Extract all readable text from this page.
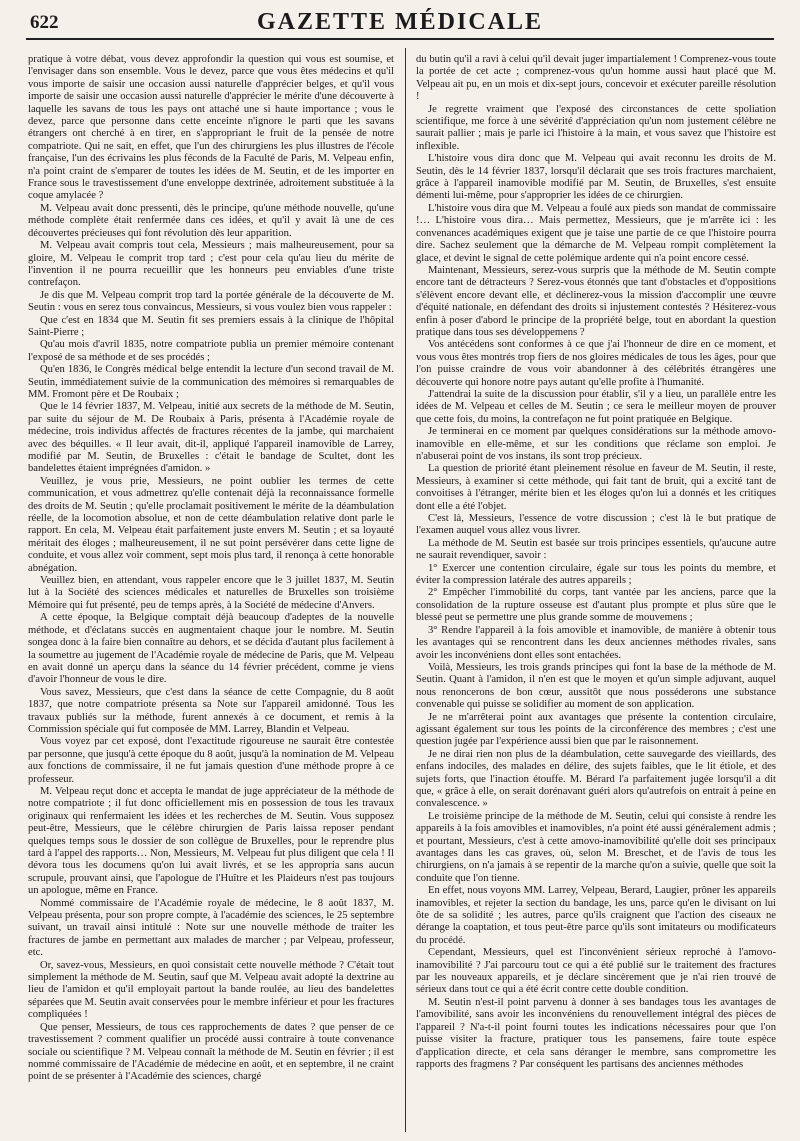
622	GAZETTE MÉDICALE

pratique à votre débat, vous devez approfondir la question qui vous est soumise, et l'envisager dans son ensemble. Vous le devez, parce que vous êtes médecins et qu'il vous importe de saisir une occasion aussi naturelle d'apprécier belges, et qu'il vous importe de saisir une occasion aussi naturelle d'apprécier le mérite d'une découverte à laquelle les savans de tous les pays ont attaché une si haute importance ; vous le devez, parce que personne dans cette enceinte n'ignore le parti que les savans étrangers ont cherché à en tirer, en s'appropriant le fruit de la pensée de notre compatriote. Qui ne sait, en effet, que l'un des chirurgiens les plus illustres de l'école française, l'un des écrivains les plus féconds de la Faculté de Paris, M. Velpeau enfin, n'a point craint de s'emparer de toutes les idées de M. Seutin, et de les importer en France sous le travestissement d'une enveloppe dextrinée, adroitement substituée à la coque amylacée ?

M. Velpeau avait donc pressenti, dès le principe, qu'une méthode nouvelle, qu'une méthode complète était renfermée dans ces idées, et qu'il y avait là une de ces découvertes précieuses qui font révolution dès leur apparition.

M. Velpeau avait compris tout cela, Messieurs ; mais malheureusement, pour sa gloire, M. Velpeau le comprit trop tard ; c'est pour cela qu'au lieu du mérite de l'invention il ne pourra recueillir que les honneurs peu enviables d'une triste contrefaçon.

Je dis que M. Velpeau comprit trop tard la portée générale de la découverte de M. Seutin : vous en serez tous convaincus, Messieurs, si vous voulez bien vous rappeler :

Que c'est en 1834 que M. Seutin fit ses premiers essais à la clinique de l'hôpital Saint-Pierre ;

Qu'au mois d'avril 1835, notre compatriote publia un premier mémoire contenant l'exposé de sa méthode et de ses procédés ;

Qu'en 1836, le Congrès médical belge entendit la lecture d'un second travail de M. Seutin, immédiatement suivie de la communication des mémoires si remarquables de MM. Fromont père et De Roubaix ;

Que le 14 février 1837, M. Velpeau, initié aux secrets de la méthode de M. Seutin, par suite du séjour de M. De Roubaix à Paris, présenta à l'Académie royale de médecine, trois individus affectés de fractures récentes de la jambe, qui marchaient avec des béquilles. « Il leur avait, dit-il, appliqué l'appareil inamovible de Larrey, modifié par M. Seutin, de Bruxelles : c'était le bandage de Scultet, dont les bandelettes étaient imprégnées d'amidon. »

Veuillez, je vous prie, Messieurs, ne point oublier les termes de cette communication, et vous admettrez qu'elle contenait déjà la reconnaissance formelle des droits de M. Seutin ; qu'elle proclamait positivement le mérite de la déambulation réelle, de la locomotion absolue, et non de cette déambulation relative dont parle le rapport. En cela, M. Velpeau était parfaitement juste envers M. Seutin ; et sa loyauté méritait des éloges ; malheureusement, il ne sut point persévérer dans cette ligne de conduite, et vous allez voir comment, sept mois plus tard, il renonça à cette honorable abnégation.

Veuillez bien, en attendant, vous rappeler encore que le 3 juillet 1837, M. Seutin lut à la Société des sciences médicales et naturelles de Bruxelles son troisième Mémoire qui fut présenté, peu de temps après, à la Société de médecine d'Anvers.

A cette époque, la Belgique comptait déjà beaucoup d'adeptes de la nouvelle méthode, et d'éclatans succès en augmentaient chaque jour le nombre. M. Seutin songea donc à la faire bien connaître au dehors, et se décida d'autant plus facilement à la soumettre au jugement de l'Académie royale de médecine de Paris, que M. Velpeau en avait donné un aperçu dans la séance du 14 février précédent, comme je viens d'avoir l'honneur de vous le dire.

Vous savez, Messieurs, que c'est dans la séance de cette Compagnie, du 8 août 1837, que notre compatriote présenta sa Note sur l'appareil amidonné. Tous les travaux publiés sur la méthode, furent annexés à ce document, et remis à la Commission spéciale qui fut composée de MM. Larrey, Blandin et Velpeau.

Vous voyez par cet exposé, dont l'exactitude rigoureuse ne saurait être contestée par personne, que jusqu'à cette époque du 8 août, jusqu'à la nomination de M. Velpeau aux fonctions de commissaire, il ne fut jamais question d'une méthode propre à ce professeur.

M. Velpeau reçut donc et accepta le mandat de juge appréciateur de la méthode de notre compatriote ; il fut donc officiellement mis en possession de tous les travaux originaux qui renfermaient les idées et les recherches de M. Seutin. Vous supposez peut-être, Messieurs, que le célèbre chirurgien de Paris laissa reposer pendant quelques temps sous le dossier de son collègue de Bruxelles, pour le reprendre plus tard à l'appel des rapports… Non, Messieurs, M. Velpeau fut plus diligent que cela ! Il dévora tous les documens qu'on lui avait livrés, et se les appropria sans aucun scrupule, prouvant ainsi, que l'apologue de l'Huître et les Plaideurs n'est pas toujours un apologue, même en France.

Nommé commissaire de l'Académie royale de médecine, le 8 août 1837, M. Velpeau présenta, pour son propre compte, à l'académie des sciences, le 25 septembre suivant, un travail ainsi intitulé : Note sur une nouvelle méthode de traiter les fractures de jambe en permettant aux malades de marcher ; par Velpeau, professeur, etc.

Or, savez-vous, Messieurs, en quoi consistait cette nouvelle méthode ? C'était tout simplement la méthode de M. Seutin, sauf que M. Velpeau avait adopté la dextrine au lieu de l'amidon et qu'il employait partout la bande roulée, au lieu des bandelettes séparées que M. Seutin avait conservées pour le membre inférieur et pour les fractures compliquées !

Que penser, Messieurs, de tous ces rapprochements de dates ? que penser de ce travestissement ? comment qualifier un procédé aussi contraire à toute convenance sociale ou scientifique ? M. Velpeau connaît la méthode de M. Seutin en février ; il est nommé commissaire de l'Académie de médecine en août, et en septembre, il ne craint point de se présenter à l'Académie des sciences, chargé

du butin qu'il a ravi à celui qu'il devait juger impartialement ! Comprenez-vous toute la portée de cet acte ; comprenez-vous qu'un homme aussi haut placé que M. Velpeau ait pu, en un mois et dix-sept jours, concevoir et exécuter pareille résolution !

Je regrette vraiment que l'exposé des circonstances de cette spoliation scientifique, me force à une sévérité d'appréciation qu'un nom justement célèbre ne saurait pallier ; mais je parle ici l'histoire à la main, et vous savez que l'histoire est inflexible.

L'histoire vous dira donc que M. Velpeau qui avait reconnu les droits de M. Seutin, dès le 14 février 1837, lorsqu'il déclarait que ses trois fractures marchaient, grâce à l'appareil inamovible modifié par M. Seutin, de Bruxelles, s'est ensuite démenti lui-même, pour s'approprier les idées de ce chirurgien.

L'histoire vous dira que M. Velpeau a foulé aux pieds son mandat de commissaire !… L'histoire vous dira… Mais permettez, Messieurs, que je m'arrête ici : les convenances académiques exigent que je taise une partie de ce que l'histoire pourra dire. Sachez seulement que la démarche de M. Velpeau rompit complètement la glace, et devint le signal de cette polémique ardente qui n'a point encore cessé.

Maintenant, Messieurs, serez-vous surpris que la méthode de M. Seutin compte encore tant de détracteurs ? Serez-vous étonnés que tant d'obstacles et d'oppositions s'élèvent encore devant elle, et déclinerez-vous la mission d'accomplir une œuvre d'équité nationale, en défendant des droits si injustement contestés ? Hésiterez-vous enfin à poser d'abord le principe de la propriété belge, tout en abordant la question pratique dans tous ses développemens ?

Vos antécédens sont conformes à ce que j'ai l'honneur de dire en ce moment, et vous vous êtes montrés trop fiers de nos gloires médicales de tous les âges, pour que l'on puisse craindre de vous voir abandonner à des célébrités étrangères une découverte qui honore notre pays autant qu'elle profite à l'humanité.

J'attendrai la suite de la discussion pour établir, s'il y a lieu, un parallèle entre les idées de M. Velpeau et celles de M. Seutin ; ce sera le meilleur moyen de prouver que cette fois, du moins, la contrefaçon ne fut point pratiquée en Belgique.

Je terminerai en ce moment par quelques considérations sur la méthode amovo-inamovible en elle-même, et sur les conditions que réclame son emploi. Je n'abuserai point de vos instans, ils sont trop précieux.

La question de priorité étant pleinement résolue en faveur de M. Seutin, il reste, Messieurs, à examiner si cette méthode, qui fait tant de bruit, qui a excité tant de convoitises à l'étranger, mérite bien et les éloges qu'on lui a donnés et les critiques dont elle a été l'objet.

C'est là, Messieurs, l'essence de votre discussion ; c'est là le but pratique de l'examen auquel vous allez vous livrer.

La méthode de M. Seutin est basée sur trois principes essentiels, qu'aucune autre ne saurait revendiquer, savoir :

1° Exercer une contention circulaire, égale sur tous les points du membre, et éviter la compression latérale des autres appareils ;

2° Empêcher l'immobilité du corps, tant vantée par les anciens, parce que la consolidation de la rupture osseuse est d'autant plus prompte et plus sûre que le blessé peut se permettre une plus grande somme de mouvemens ;

3° Rendre l'appareil à la fois amovible et inamovible, de manière à obtenir tous les avantages qui se rencontrent dans les deux anciennes méthodes rivales, sans avoir les inconvéniens dont elles sont entachées.

Voilà, Messieurs, les trois grands principes qui font la base de la méthode de M. Seutin. Quant à l'amidon, il n'en est que le moyen et qu'un simple adjuvant, auquel nous renoncerons de bon cœur, aussitôt que nous posséderons une substance convenable qui puisse se solidifier au moment de son application.

Je ne m'arrêterai point aux avantages que présente la contention circulaire, agissant également sur tous les points de la circonférence des membres ; c'est une question jugée par l'expérience aussi bien que par le raisonnement.

Je ne dirai rien non plus de la déambulation, cette sauvegarde des vieillards, des enfans indociles, des malades en délire, des sujets faibles, que le lit étiole, et des sujets forts, que l'inaction étouffe. M. Bérard l'a parfaitement jugée lorsqu'il a dit que, « grâce à elle, on serait dorénavant guéri alors qu'autrefois on entrait à peine en convalescence. »

Le troisième principe de la méthode de M. Seutin, celui qui consiste à rendre les appareils à la fois amovibles et inamovibles, n'a point été aussi généralement admis ; et pourtant, Messieurs, c'est à cette amovo-inamovibilité qu'elle doit ses principaux avantages dans les cas graves, où, selon M. Breschet, et de l'avis de tous les chirurgiens, on n'a jamais à se repentir de la marche qu'on a suivie, quelle que soit la conduite que l'on tienne.

En effet, nous voyons MM. Larrey, Velpeau, Berard, Laugier, prôner les appareils inamovibles, et rejeter la section du bandage, les uns, parce qu'en le divisant on lui ôte de sa solidité ; les autres, parce qu'ils craignent que l'action des ciseaux ne dérange la coaptation, et tous peut-être parce qu'ils sont imitateurs ou modificateurs du procédé.

Cependant, Messieurs, quel est l'inconvénient sérieux reproché à l'amovo-inamovibilité ? J'ai parcouru tout ce qui a été publié sur le traitement des fractures par les nouveaux appareils, et je déclare sincèrement que je n'ai rien trouvé de sérieux dans tout ce qui a été écrit contre cette double condition.

M. Seutin n'est-il point parvenu à donner à ses bandages tous les avantages de l'amovibilité, sans avoir les inconvéniens du renouvellement intégral des pièces de l'appareil ? N'a-t-il point fourni toutes les indications nécessaires pour que l'on puisse visiter la fracture, pratiquer tous les pansemens, faire toute espèce d'application directe, et cela sans déranger le membre, sans compromettre les rapports des fragmens ? Par conséquent les partisans des anciennes méthodes
